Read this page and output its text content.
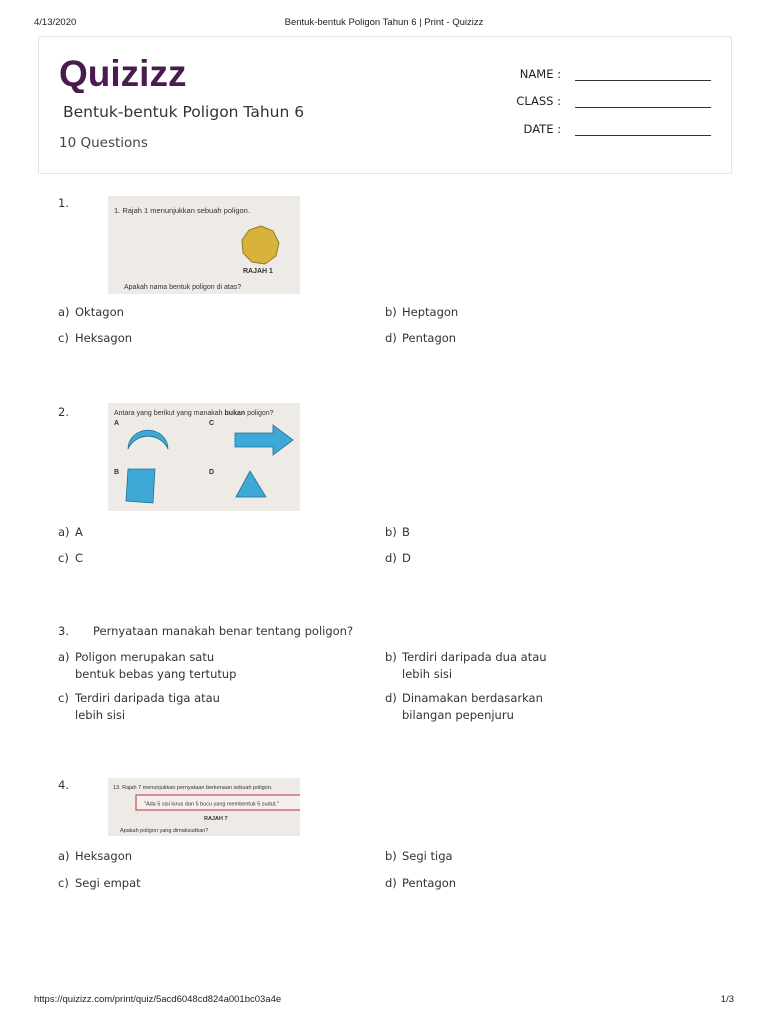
4/13/2020	Bentuk-bentuk Poligon Tahun 6 | Print - Quizizz
Quizizz
Bentuk-bentuk Poligon Tahun 6
10 Questions
NAME :
CLASS :
DATE :
1.
1. Rajah 1 menunjukkan sebuah poligon.
RAJAH 1
Apakah nama bentuk poligon di atas?
a) Oktagon	b) Heptagon
c) Heksagon	d) Pentagon
2.	Antara yang berikut yang manakah bukan poligon?
A	C
B	D
a) A	b) B
c) C	d) D
3. Pernyataan manakah benar tentang poligon?
a) Poligon merupakan satu
bentuk bebas yang tertutup
b) Terdiri daripada dua atau
lebih sisi
c) Terdiri daripada tiga atau
lebih sisi
d) Dinamakan berdasarkan
bilangan pepenjuru
4.	13. Rajah 7 menunjukkan pernyataan berkenaan sebuah poligon.
"Ada 5 sisi lurus dan 5 bucu yang membentuk 5 sudut."
RAJAH 7
Apakah poligon yang dimaksudkan?
a) Heksagon	b) Segi tiga
c) Segi empat	d) Pentagon
https://quizizz.com/print/quiz/5acd6048cd824a001bc03a4e	1/3
